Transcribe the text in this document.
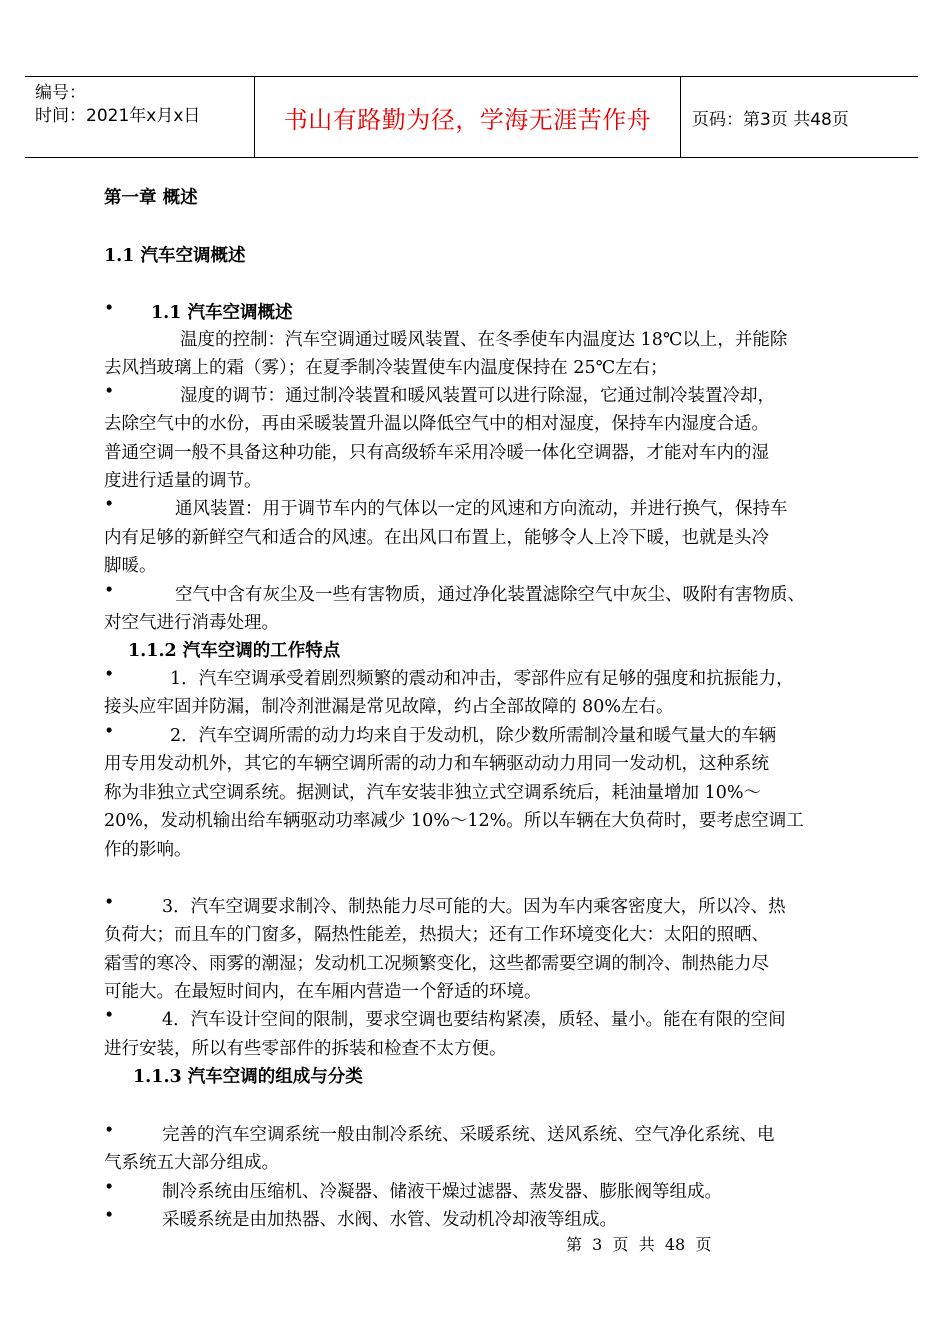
编号：
时间：2021年x月x日	书山有路勤为径，学海无涯苦作舟 页码：第3页 共48页
第一章 概述
1.1 汽车空调概述
• 1.1 汽车空调概述
温度的控制：汽车空调通过暖风装置、在冬季使车内温度达 18℃以上，并能除
去风挡玻璃上的霜（雾）；在夏季制冷装置使车内温度保持在 25℃左右；
•	湿度的调节：通过制冷装置和暖风装置可以进行除湿，它通过制冷装置冷却，
去除空气中的水份，再由采暖装置升温以降低空气中的相对湿度，保持车内湿度合适。
普通空调一般不具备这种功能，只有高级轿车采用冷暖一体化空调器，才能对车内的湿
度进行适量的调节。
•	通风装置：用于调节车内的气体以一定的风速和方向流动，并进行换气，保持车
内有足够的新鲜空气和适合的风速。在出风口布置上，能够令人上冷下暖，也就是头冷
脚暖。
•	空气中含有灰尘及一些有害物质，通过净化装置滤除空气中灰尘、吸附有害物质、
对空气进行消毒处理。
1.1.2 汽车空调的工作特点
•	1．汽车空调承受着剧烈频繁的震动和冲击，零部件应有足够的强度和抗振能力，
接头应牢固并防漏，制冷剂泄漏是常见故障，约占全部故障的 80%左右。
•	2．汽车空调所需的动力均来自于发动机，除少数所需制冷量和暖气量大的车辆
用专用发动机外，其它的车辆空调所需的动力和车辆驱动动力用同一发动机，这种系统
称为非独立式空调系统。据测试，汽车安装非独立式空调系统后，耗油量增加 10%～
20%，发动机输出给车辆驱动功率减少 10%～12%。所以车辆在大负荷时，要考虑空调工
作的影响。
•	3．汽车空调要求制冷、制热能力尽可能的大。因为车内乘客密度大，所以冷、热
负荷大；而且车的门窗多，隔热性能差，热损大；还有工作环境变化大：太阳的照晒、
霜雪的寒冷、雨雾的潮湿；发动机工况频繁变化，这些都需要空调的制冷、制热能力尽
可能大。在最短时间内，在车厢内营造一个舒适的环境。
•	4．汽车设计空间的限制，要求空调也要结构紧凑，质轻、量小。能在有限的空间
进行安装，所以有些零部件的拆装和检查不太方便。
1.1.3 汽车空调的组成与分类
•	完善的汽车空调系统一般由制冷系统、采暖系统、送风系统、空气净化系统、电
气系统五大部分组成。
•	制冷系统由压缩机、冷凝器、储液干燥过滤器、蒸发器、膨胀阀等组成。
•	采暖系统是由加热器、水阀、水管、发动机冷却液等组成。
第  3  页  共  48  页
